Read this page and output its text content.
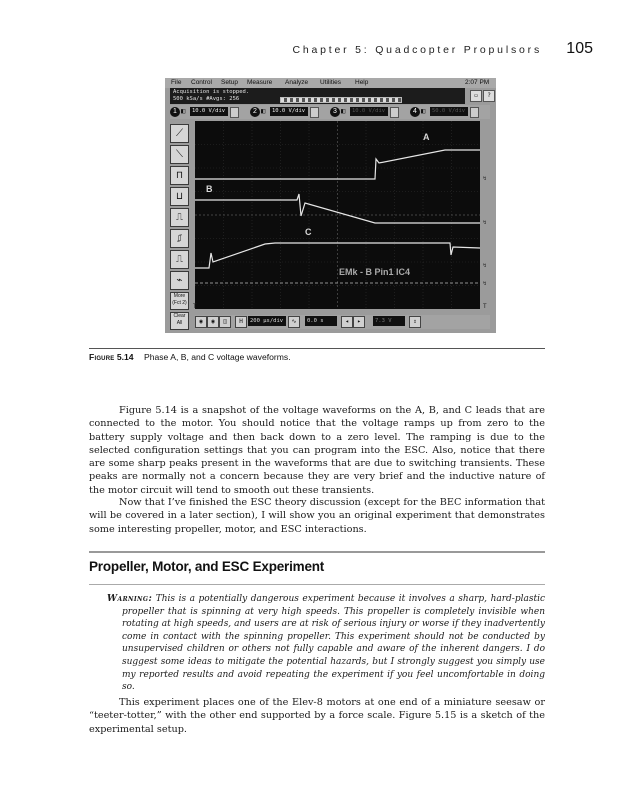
Chapter 5: Quadcopter Propulsors 105
File Control Setup Measure Analyze Utilities Help	2:07 PM
Acquisition is stopped.
500 kSa/s #Avgs: 256	▭	?
1 ◧	10.0 V/div	2 ◧	10.0 V/div	3 ◧	10.0 V/div	4 ◧	50.0 V/div
⟋
⟍
⊓
⊔
⎍
⎎
⎍
⌁
More (Fct 2)
Clear All
A
B
C
EMk - B Pin1 IC4
↯
↯
↯
↯
T	T
◉	◉	◫	H	200 µs/div	∿	0.0 s	◂	▸	7.3 V	⇕
Figure 5.14 Phase A, B, and C voltage waveforms.

Figure 5.14 is a snapshot of the voltage waveforms on the A, B, and C leads that are connected to the motor. You should notice that the voltage ramps up from zero to the battery supply voltage and then back down to a zero level. The ramping is due to the selected configuration settings that you can program into the ESC. Also, notice that there are some sharp peaks present in the waveforms that are due to switching transients. These peaks are normally not a concern because they are very brief and the inductive nature of the motor circuit will tend to smooth out these transients.

Now that I’ve finished the ESC theory discussion (except for the BEC information that will be covered in a later section), I will show you an original experiment that demonstrates some interesting propeller, motor, and ESC interactions.

Propeller, Motor, and ESC Experiment

Warning: This is a potentially dangerous experiment because it involves a sharp, hard-plastic propeller that is spinning at very high speeds. This propeller is completely invisible when rotating at high speeds, and users are at risk of serious injury or worse if they inadvertently come in contact with the spinning propeller. This experiment should not be conducted by unsupervised children or others not fully capable and aware of the inherent dangers. I do suggest some ideas to mitigate the potential hazards, but I strongly suggest you simply use my reported results and avoid repeating the experiment if you feel uncomfortable in doing so.

This experiment places one of the Elev-8 motors at one end of a miniature seesaw or “teeter-totter,” with the other end supported by a force scale. Figure 5.15 is a sketch of the experimental setup.
